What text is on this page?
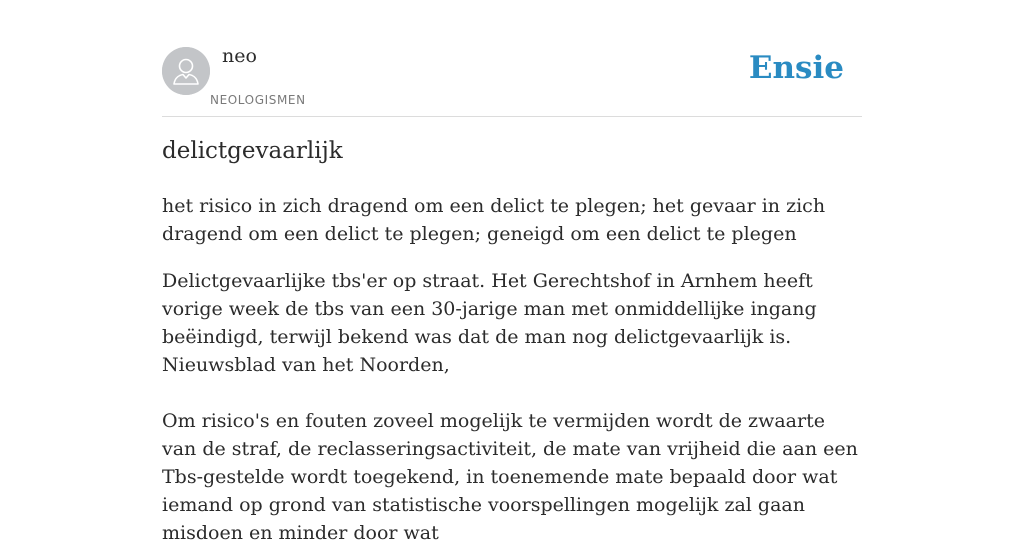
neo
NEOLOGISMEN
Ensie
delictgevaarlijk

het risico in zich dragend om een delict te plegen; het gevaar in zich dragend om een delict te plegen; geneigd om een delict te plegen

Delictgevaarlijke tbs'er op straat. Het Gerechtshof in Arnhem heeft vorige week de tbs van een 30-jarige man met onmiddellijke ingang beëindigd, terwijl bekend was dat de man nog delictgevaarlijk is.
Nieuwsblad van het Noorden,
Om risico's en fouten zoveel mogelijk te vermijden wordt de zwaarte van de straf, de reclasseringsactiviteit, de mate van vrijheid die aan een Tbs-gestelde wordt toegekend, in toenemende mate bepaald door wat iemand op grond van statistische voorspellingen mogelijk zal gaan misdoen en minder door wat
